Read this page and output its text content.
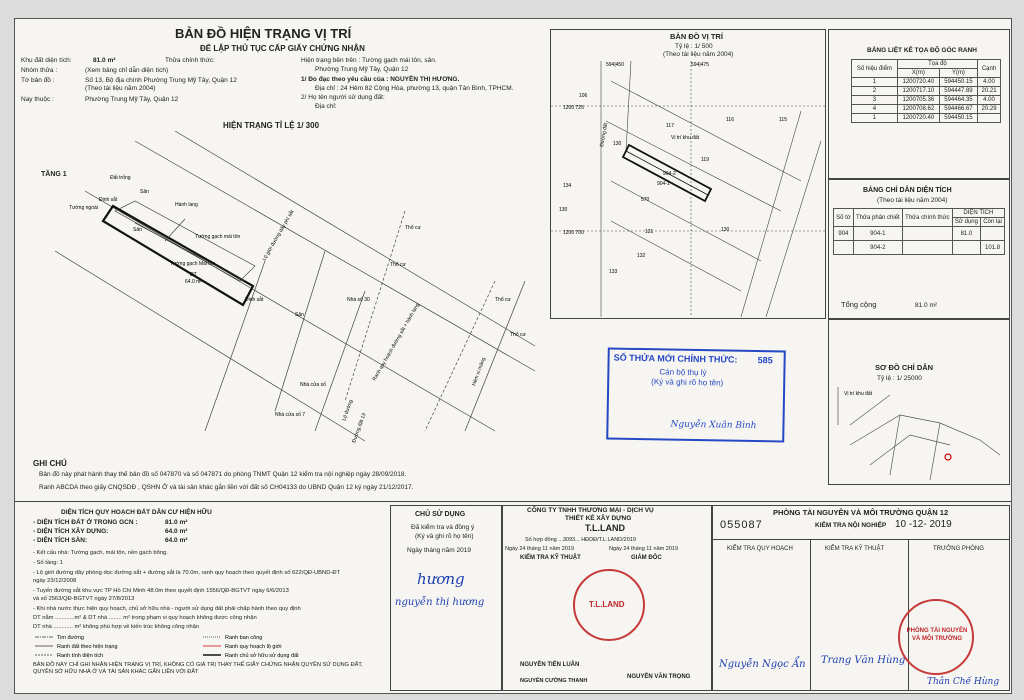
BẢN ĐỒ HIỆN TRẠNG VỊ TRÍ
ĐỂ LẬP THỦ TỤC CẤP GIẤY CHỨNG NHẬN
Khu đất diện tích:	81.0 m²	Thửa chính thức:
Nhóm thửa :	(Xem bảng chỉ dẫn diện tích)
Tờ bản đồ :	Số 13, Bộ địa chính Phường Trung Mỹ Tây, Quận 12
(Theo tài liệu năm 2004)
Nay thuộc :	Phường Trung Mỹ Tây, Quận 12
Hiện trạng bên trên : Tường gạch mái tôn, sân.
Phường Trung Mỹ Tây, Quận 12
1/ Đo đạc theo yêu cầu của : NGUYỄN THỊ HƯƠNG.
Địa chỉ : 24 Hẻm 82 Cộng Hòa, phường 13, quận Tân Bình, TPHCM.
2/ Họ tên người sử dụng đất:
Địa chỉ:
HIỆN TRẠNG TỈ LỆ 1/ 300
TẦNG 1	Đất trống
Sân
Tường ngoài
Đinh sắt
Sân
Hành lang
Tường gạch mái tôn
Tường gạch Mái tôn
DT
64.0 m²
Đinh sắt
Sân
Nhà số 30
Nhà cửa số
Nhà cửa số 7
Thổ cư
Thổ cư
Thổ cư
Thổ cư
Lộ đường
Đường đất 13
Hẻm xi măng
Lộ giới đường dây phí sắt
Ranh quy hoạch đường sắt + hành lang
BẢN ĐỒ VỊ TRÍ
Tỷ lệ : 1/ 500
(Theo tài liệu năm 2004)
594|450	594|475
1200 725
1200 700
106
117
116	115
130
119
904-2
904-1
570
134
131	130
132
133
130
Vị trí khu đất
Đường đất
BẢNG LIỆT KÊ TỌA ĐỘ GÓC RANH
Số hiệu điểm	Tọa độ		Cạnh
	X(m)	Y(m)	
1	1200720.40	594450.15	4.00
2	1200717.10	594447.89	20.21
3	1200705.36	594464.35	4.00
4	1200708.62	594466.67	20.29
1	1200720.40	594450.15	
BẢNG CHỈ DẪN DIỆN TÍCH
(Theo tài liệu năm 2004)
Số tờ	Thửa phân chiết	Thửa chính thức	DIỆN TÍCH	
			Sử dụng	Còn lại
904	904-1		81.0	
	904-2			101.8
Tổng cộng	81.0 m²
SỐ THỬA MỚI CHÍNH THỨC: 585
Cán bộ thụ lý
(Ký và ghi rõ họ tên)
Nguyễn Xuân Bình
SƠ ĐỒ CHỈ DẪN
Tỷ lệ : 1/ 25000
Vị trí khu đất
GHI CHÚ
Bản đồ này phát hành thay thế bản đồ số 047870 và số 047871 do phòng TNMT Quận 12 kiểm tra nội nghiệp ngày 28/09/2018.
Ranh ABCDA theo giấy CNQSDĐ , QSHN Ở và tài sản khác gắn liền với đất số CH04133 do UBND Quận 12 ký ngày 21/12/2017.
DIỆN TÍCH QUY HOẠCH ĐẤT DÂN CƯ HIỆN HỮU
- DIỆN TÍCH ĐẤT Ở TRONG GCN :	81.0 m²
- DIỆN TÍCH XÂY DỰNG:	64.0 m²
- DIỆN TÍCH SÀN:	64.0 m²
- Kết cấu nhà: Tường gạch, mái tôn, nền gạch bông.
- Số tầng: 1
- Lộ giới đường dây phòng dọc đường sắt + đường sắt là 70.0m, ranh quy hoạch theo quyết định số 622/QĐ-UBND-ĐT
ngày 23/12/2008
- Tuyến đường sắt khu vực TP Hồ Chí Minh 48.0m theo quyết định 1556/QĐ-BGTVT ngày 6/6/2013
và số 2563/QĐ-BGTVT ngày 27/8/2013
- Khi nhà nước thực hiện quy hoạch, chủ sở hữu nhà - người sử dụng đất phải chấp hành theo quy định
DT nằm ............m² & DT nhà ........ m² trong phạm vi quy hoạch không được công nhận
DT nhà ............ m² không phù hợp về kiến trúc không công nhận
Tim đường	Ranh ban công
Ranh đất theo hiện trạng	Ranh quy hoạch lộ giới
Ranh tính diện tích	Ranh chủ sở hữu sử dụng đất
BẢN ĐỒ NÀY CHỈ GHI NHẬN HIỆN TRẠNG VỊ TRÍ, KHÔNG CÓ GIÁ TRỊ THAY THẾ GIẤY CHỨNG NHẬN QUYỀN SỬ DỤNG ĐẤT, QUYỀN SỞ HỮU NHÀ Ở VÀ TÀI SẢN KHÁC GẮN LIỀN VỚI ĐẤT
CHỦ SỬ DỤNG
Đã kiểm tra và đồng ý
(Ký và ghi rõ họ tên)
Ngày tháng năm 2019
hương
nguyễn thị hương
CÔNG TY TNHH THƯƠNG MẠI - DỊCH VỤ
THIẾT KẾ XÂY DỰNG
T.L.LAND
Số hợp đồng ...3093... HĐDĐ/T.L.LAND/2019
Ngày 24 tháng 11 năm 2019	Ngày 24 tháng 11 năm 2019
KIỂM TRA KỸ THUẬT	GIÁM ĐỐC
T.L.LAND
NGUYỄN TIẾN LUÂN
NGUYỄN CƯỜNG THANH
NGUYỄN VĂN TRỌNG
PHÒNG TÀI NGUYÊN VÀ MÔI TRƯỜNG QUẬN 12
055087	KIỂM TRA NỘI NGHIỆP 10 -12- 2019
KIỂM TRA QUY HOẠCH	KIỂM TRA KỸ THUẬT	TRƯỞNG PHÒNG
Nguyễn Ngọc Ẩn Trang Văn Hùng
Thân Chế Hùng
PHÒNG TÀI NGUYÊN VÀ MÔI TRƯỜNG
